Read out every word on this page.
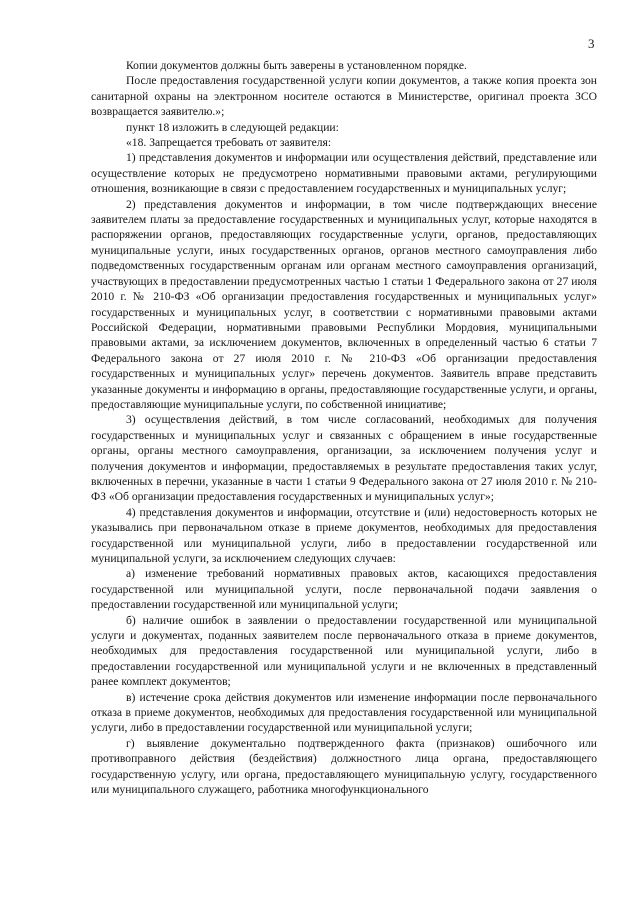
3

Копии документов должны быть заверены в установленном порядке.

После предоставления государственной услуги копии документов, а также копия проекта зон санитарной охраны на электронном носителе остаются в Министерстве, оригинал проекта ЗСО возвращается заявителю.»;

пункт 18 изложить в следующей редакции:

«18. Запрещается требовать от заявителя:

1) представления документов и информации или осуществления действий, представление или осуществление которых не предусмотрено нормативными правовыми актами, регулирующими отношения, возникающие в связи с предоставлением государственных и муниципальных услуг;

2) представления документов и информации, в том числе подтверждающих внесение заявителем платы за предоставление государственных и муниципальных услуг, которые находятся в распоряжении органов, предоставляющих государственные услуги, органов, предоставляющих муниципальные услуги, иных государственных органов, органов местного самоуправления либо подведомственных государственным органам или органам местного самоуправления организаций, участвующих в предоставлении предусмотренных частью 1 статьи 1 Федерального закона от 27 июля 2010 г. № 210-ФЗ «Об организации предоставления государственных и муниципальных услуг» государственных и муниципальных услуг, в соответствии с нормативными правовыми актами Российской Федерации, нормативными правовыми Республики Мордовия, муниципальными правовыми актами, за исключением документов, включенных в определенный частью 6 статьи 7 Федерального закона от 27 июля 2010 г. № 210-ФЗ «Об организации предоставления государственных и муниципальных услуг» перечень документов. Заявитель вправе представить указанные документы и информацию в органы, предоставляющие государственные услуги, и органы, предоставляющие муниципальные услуги, по собственной инициативе;

3) осуществления действий, в том числе согласований, необходимых для получения государственных и муниципальных услуг и связанных с обращением в иные государственные органы, органы местного самоуправления, организации, за исключением получения услуг и получения документов и информации, предоставляемых в результате предоставления таких услуг, включенных в перечни, указанные в части 1 статьи 9 Федерального закона от 27 июля 2010 г. № 210-ФЗ «Об организации предоставления государственных и муниципальных услуг»;

4) представления документов и информации, отсутствие и (или) недостоверность которых не указывались при первоначальном отказе в приеме документов, необходимых для предоставления государственной или муниципальной услуги, либо в предоставлении государственной или муниципальной услуги, за исключением следующих случаев:

а) изменение требований нормативных правовых актов, касающихся предоставления государственной или муниципальной услуги, после первоначальной подачи заявления о предоставлении государственной или муниципальной услуги;

б) наличие ошибок в заявлении о предоставлении государственной или муниципальной услуги и документах, поданных заявителем после первоначального отказа в приеме документов, необходимых для предоставления государственной или муниципальной услуги, либо в предоставлении государственной или муниципальной услуги и не включенных в представленный ранее комплект документов;

в) истечение срока действия документов или изменение информации после первоначального отказа в приеме документов, необходимых для предоставления государственной или муниципальной услуги, либо в предоставлении государственной или муниципальной услуги;

г) выявление документально подтвержденного факта (признаков) ошибочного или противоправного действия (бездействия) должностного лица органа, предоставляющего государственную услугу, или органа, предоставляющего муниципальную услугу, государственного или муниципального служащего, работника многофункционального
